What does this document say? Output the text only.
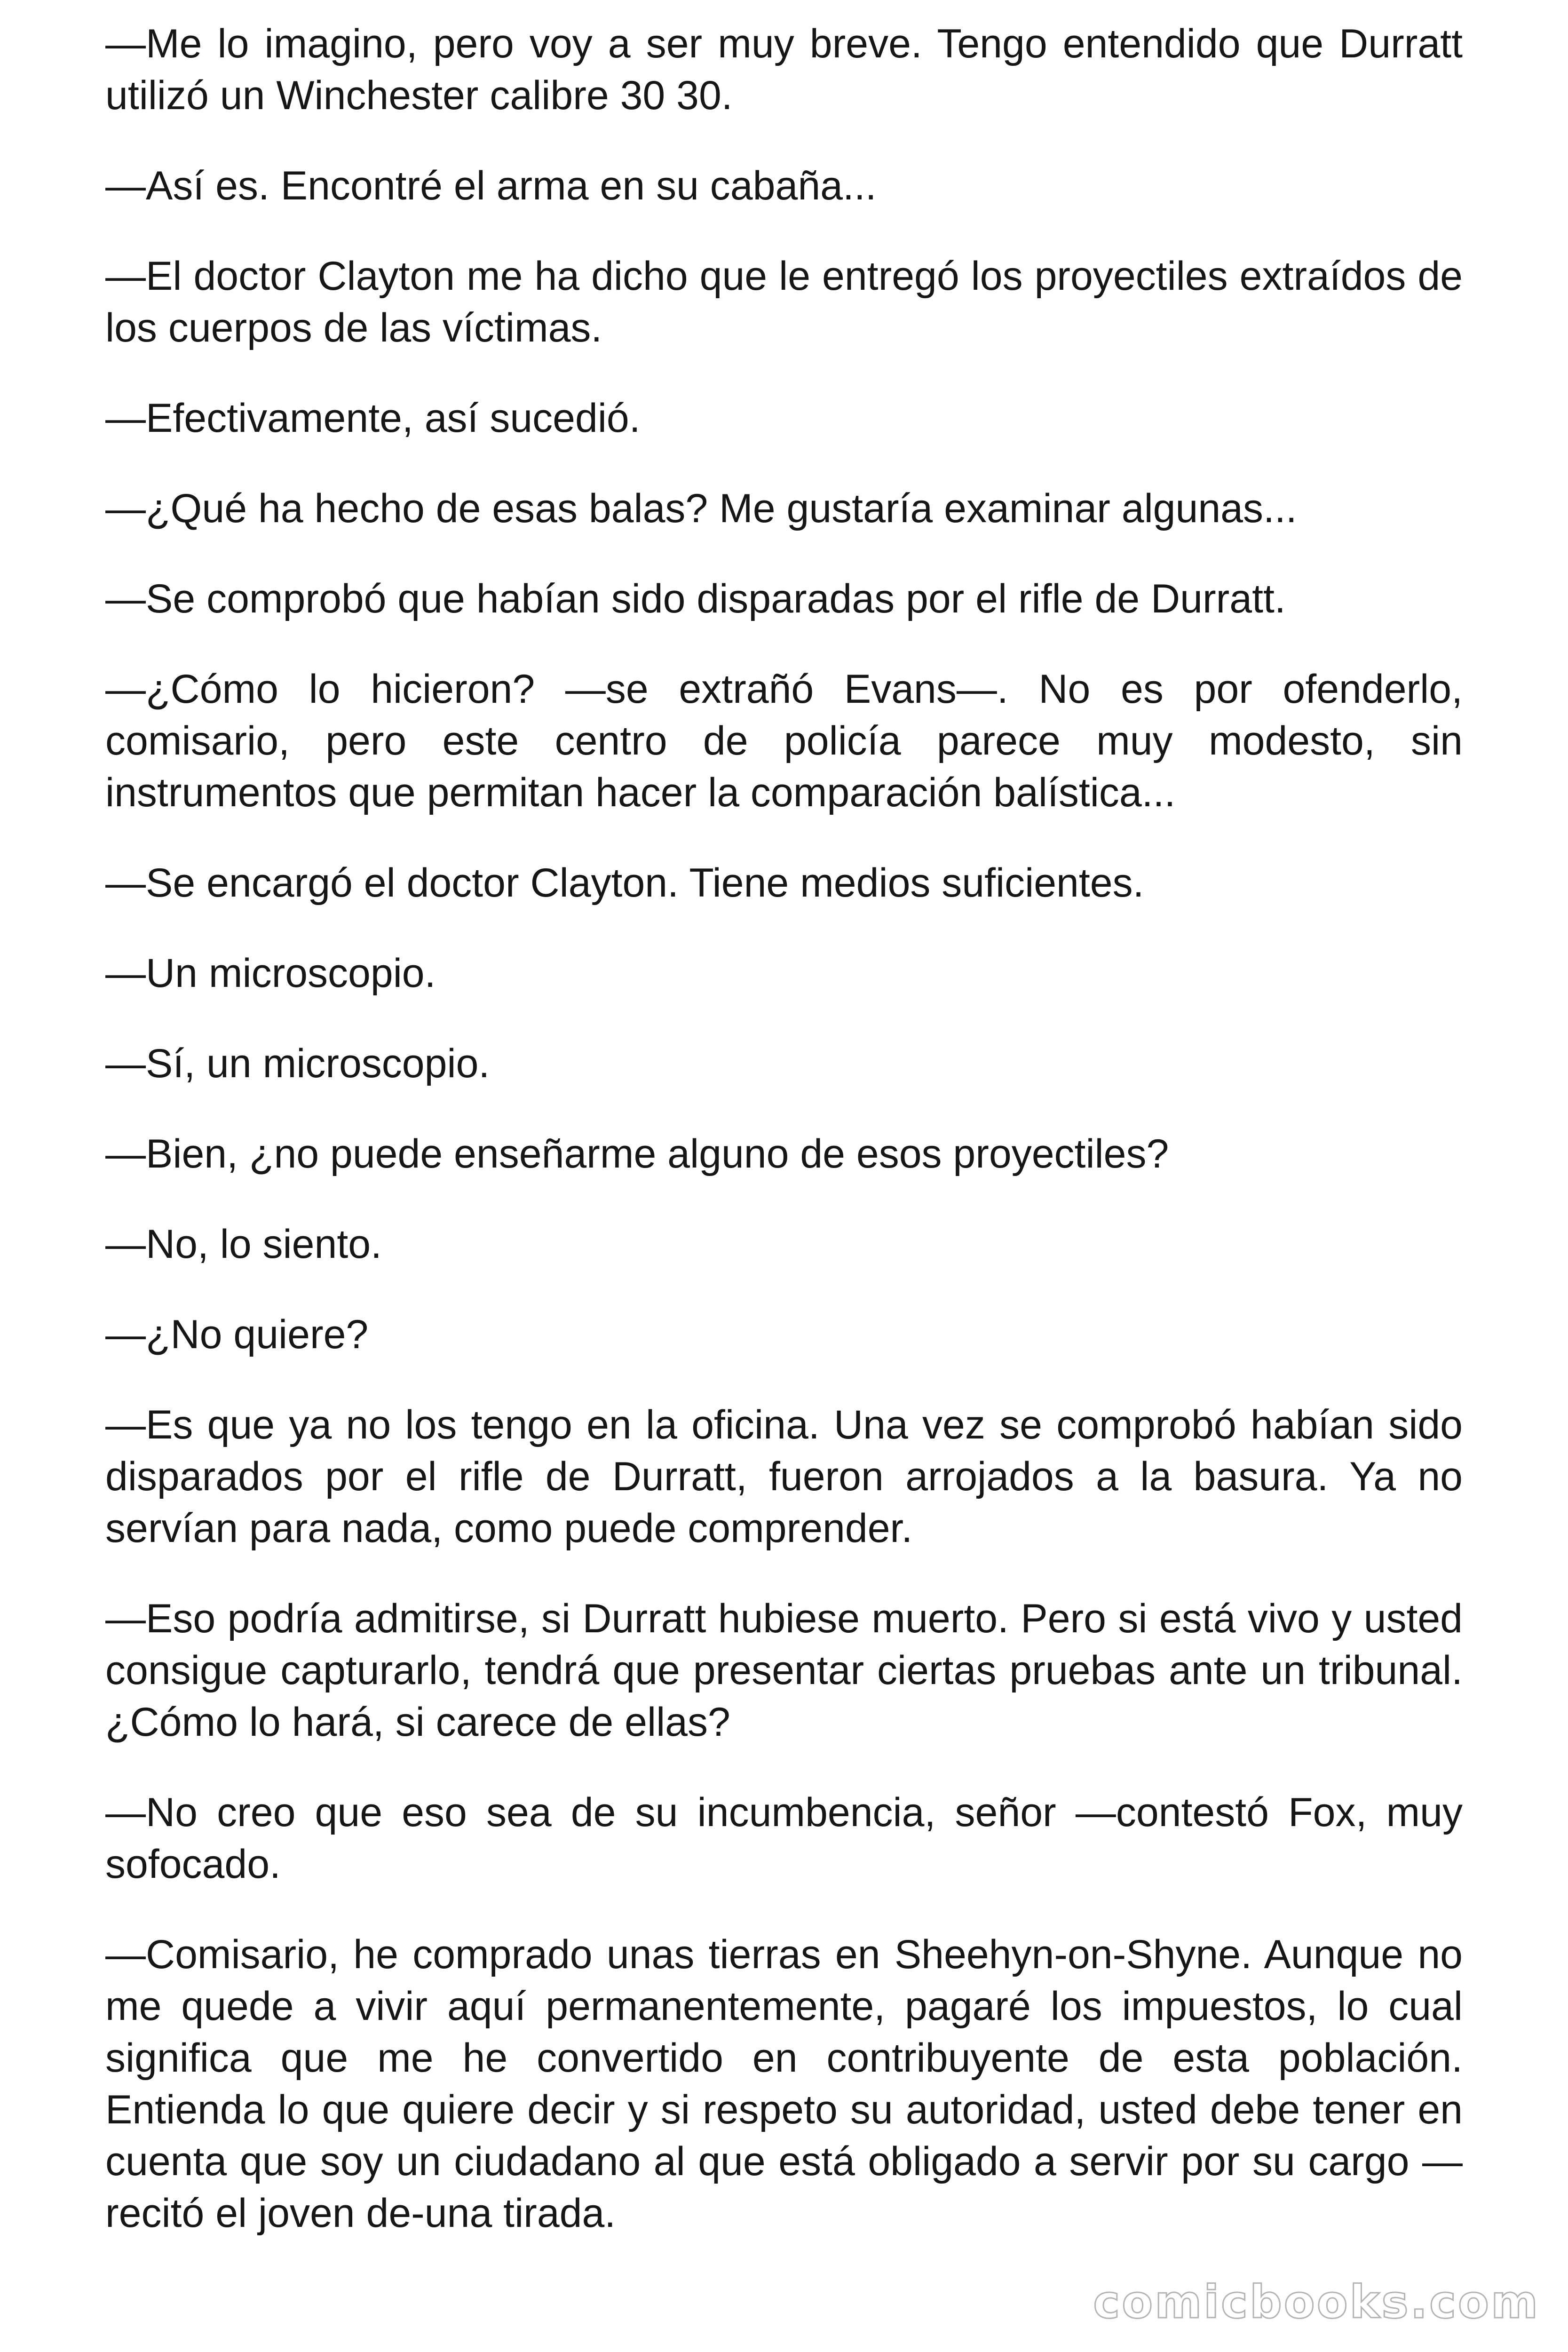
—Me lo imagino, pero voy a ser muy breve. Tengo entendido que Durratt utilizó un Winchester calibre 30 30.

—Así es. Encontré el arma en su cabaña...

—El doctor Clayton me ha dicho que le entregó los proyectiles extraídos de los cuerpos de las víctimas.

—Efectivamente, así sucedió.

—¿Qué ha hecho de esas balas? Me gustaría examinar algunas...

—Se comprobó que habían sido disparadas por el rifle de Durratt.

—¿Cómo lo hicieron? —se extrañó Evans—. No es por ofenderlo, comisario, pero este centro de policía parece muy modesto, sin instrumentos que permitan hacer la comparación balística...

—Se encargó el doctor Clayton. Tiene medios suficientes.

—Un microscopio.

—Sí, un microscopio.

—Bien, ¿no puede enseñarme alguno de esos proyectiles?

—No, lo siento.

—¿No quiere?

—Es que ya no los tengo en la oficina. Una vez se comprobó habían sido disparados por el rifle de Durratt, fueron arrojados a la basura. Ya no servían para nada, como puede comprender.

—Eso podría admitirse, si Durratt hubiese muerto. Pero si está vivo y usted consigue capturarlo, tendrá que presentar ciertas pruebas ante un tribunal. ¿Cómo lo hará, si carece de ellas?

—No creo que eso sea de su incumbencia, señor —contestó Fox, muy sofocado.

—Comisario, he comprado unas tierras en Sheehyn-on-Shyne. Aunque no me quede a vivir aquí permanentemente, pagaré los impuestos, lo cual significa que me he convertido en contribuyente de esta población. Entienda lo que quiere decir y si respeto su autoridad, usted debe tener en cuenta que soy un ciudadano al que está obligado a servir por su cargo —recitó el joven de-una tirada.

comicbooks.com
